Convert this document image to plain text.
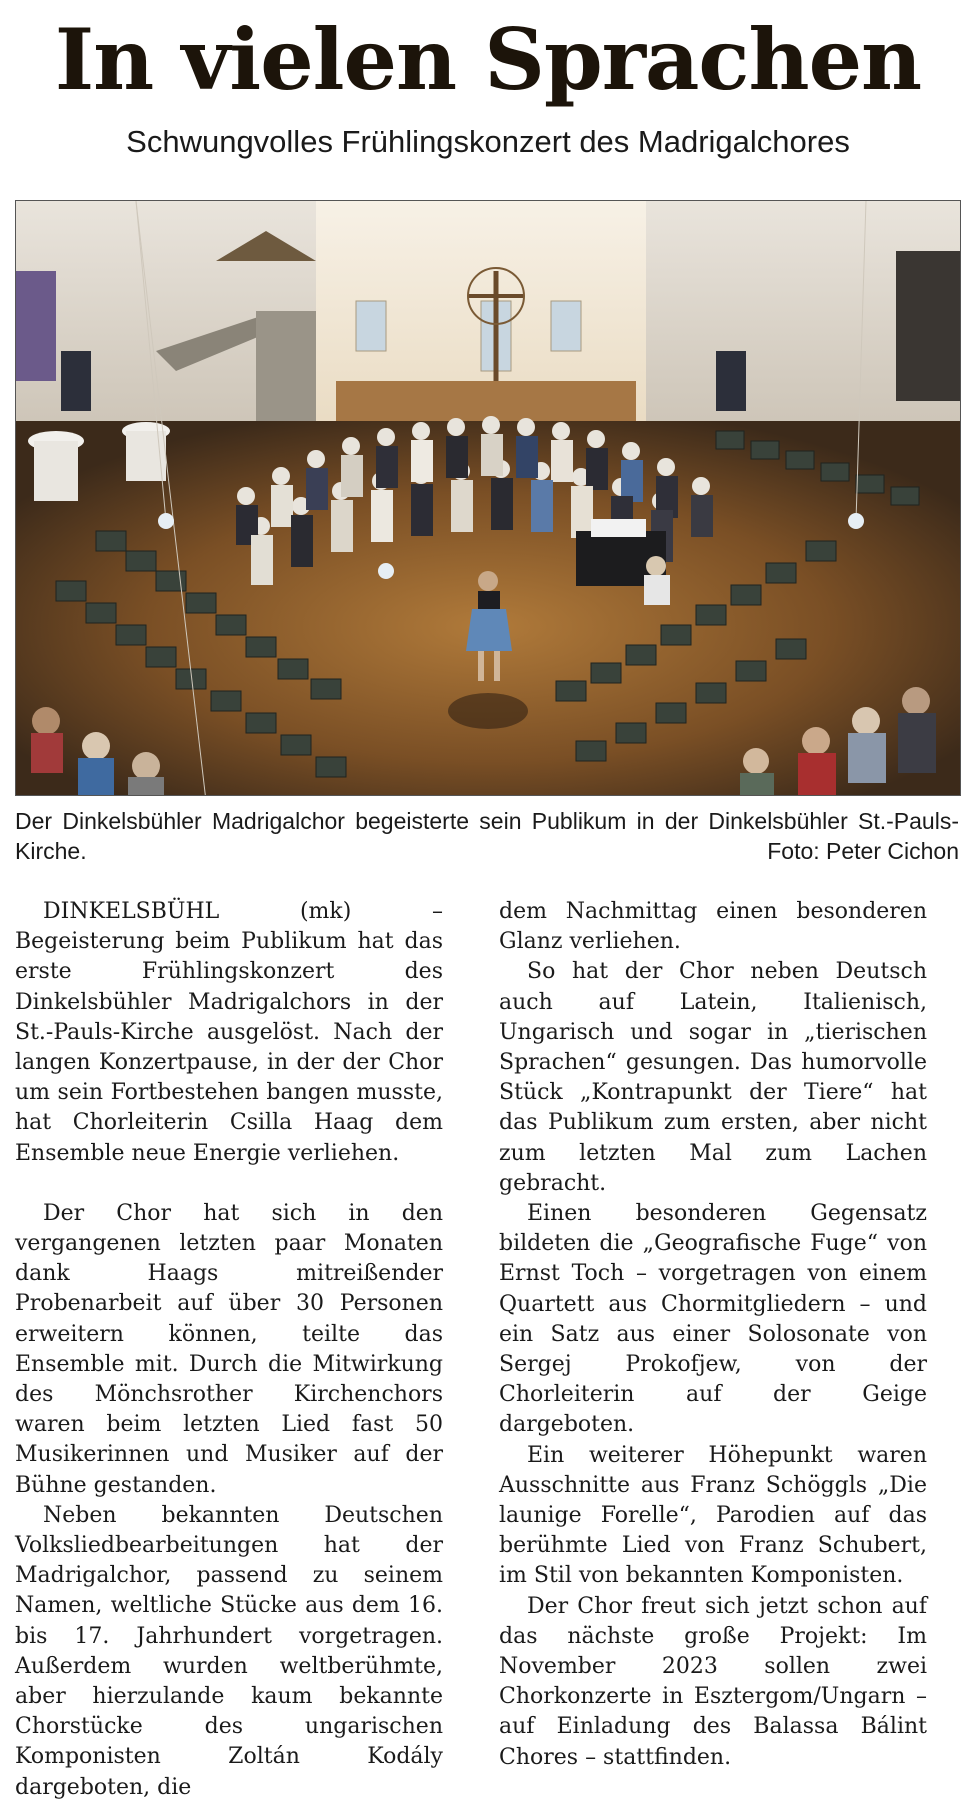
In vielen Sprachen
Schwungvolles Frühlingskonzert des Madrigalchores
Der Dinkelsbühler Madrigalchor begeisterte sein Publikum in der Dinkelsbühler St.-Pauls-Kirche.	Foto: Peter Cichon

DINKELSBÜHL (mk) – Begeisterung beim Publikum hat das erste Frühlingskonzert des Dinkelsbühler Madrigalchors in der St.-Pauls-Kirche ausgelöst. Nach der langen Konzertpause, in der der Chor um sein Fortbestehen bangen musste, hat Chorleiterin Csilla Haag dem Ensemble neue Energie verliehen.

Der Chor hat sich in den vergangenen letzten paar Monaten dank Haags mitreißender Probenarbeit auf über 30 Personen erweitern können, teilte das Ensemble mit. Durch die Mitwirkung des Mönchsrother Kirchenchors waren beim letzten Lied fast 50 Musikerinnen und Musiker auf der Bühne gestanden.

Neben bekannten Deutschen Volksliedbearbeitungen hat der Madrigalchor, passend zu seinem Namen, weltliche Stücke aus dem 16. bis 17. Jahrhundert vorgetragen. Außerdem wurden weltberühmte, aber hierzulande kaum bekannte Chorstücke des ungarischen Komponisten Zoltán Kodály dargeboten, die

dem Nachmittag einen besonderen Glanz verliehen.

So hat der Chor neben Deutsch auch auf Latein, Italienisch, Ungarisch und sogar in „tierischen Sprachen“ gesungen. Das humorvolle Stück „Kontrapunkt der Tiere“ hat das Publikum zum ersten, aber nicht zum letzten Mal zum Lachen gebracht.

Einen besonderen Gegensatz bildeten die „Geografische Fuge“ von Ernst Toch – vorgetragen von einem Quartett aus Chormitgliedern – und ein Satz aus einer Solosonate von Sergej Prokofjew, von der Chorleiterin auf der Geige dargeboten.

Ein weiterer Höhepunkt waren Ausschnitte aus Franz Schöggls „Die launige Forelle“, Parodien auf das berühmte Lied von Franz Schubert, im Stil von bekannten Komponisten.

Der Chor freut sich jetzt schon auf das nächste große Projekt: Im November 2023 sollen zwei Chorkonzerte in Esztergom/Ungarn – auf Einladung des Balassa Bálint Chores – stattfinden.
